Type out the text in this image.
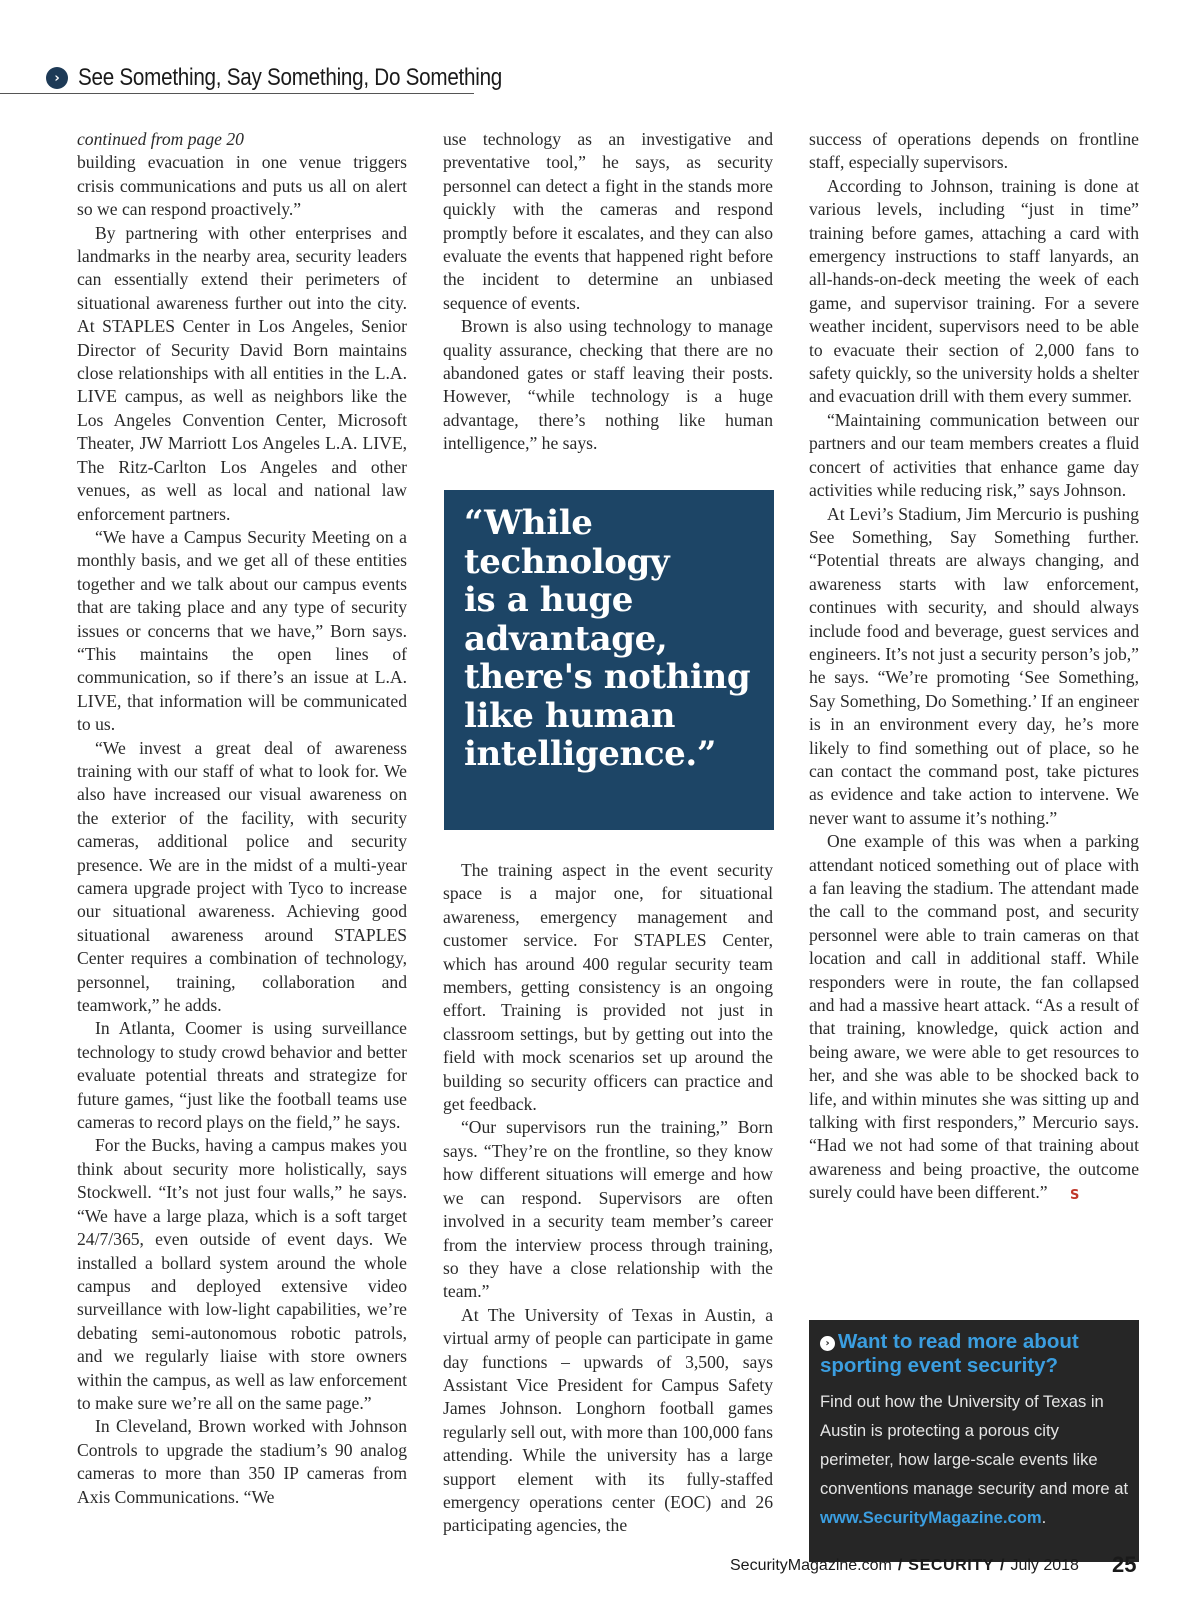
› See Something, Say Something, Do Something

continued from page 20

building evacuation in one venue triggers crisis communications and puts us all on alert so we can respond proactively.”

By partnering with other enterprises and landmarks in the nearby area, security leaders can essentially extend their perimeters of situational awareness further out into the city. At STAPLES Center in Los Angeles, Senior Director of Security David Born maintains close relationships with all entities in the L.A. LIVE campus, as well as neighbors like the Los Angeles Convention Center, Microsoft Theater, JW Marriott Los Angeles L.A. LIVE, The Ritz-Carlton Los Angeles and other venues, as well as local and national law enforcement partners.

“We have a Campus Security Meeting on a monthly basis, and we get all of these entities together and we talk about our campus events that are taking place and any type of security issues or concerns that we have,” Born says. “This maintains the open lines of communication, so if there’s an issue at L.A. LIVE, that information will be communicated to us.

“We invest a great deal of awareness training with our staff of what to look for. We also have increased our visual awareness on the exterior of the facility, with security cameras, additional police and security presence. We are in the midst of a multi-year camera upgrade project with Tyco to increase our situational awareness. Achieving good situational awareness around STAPLES Center requires a combination of technology, personnel, training, collaboration and teamwork,” he adds.

In Atlanta, Coomer is using surveillance technology to study crowd behavior and better evaluate potential threats and strategize for future games, “just like the football teams use cameras to record plays on the field,” he says.

For the Bucks, having a campus makes you think about security more holistically, says Stockwell. “It’s not just four walls,” he says. “We have a large plaza, which is a soft target 24/7/365, even outside of event days. We installed a bollard system around the whole campus and deployed extensive video surveillance with low-light capabilities, we’re debating semi-autonomous robotic patrols, and we regularly liaise with store owners within the campus, as well as law enforcement to make sure we’re all on the same page.”

In Cleveland, Brown worked with Johnson Controls to upgrade the stadium’s 90 analog cameras to more than 350 IP cameras from Axis Communications. “We

use technology as an investigative and preventative tool,” he says, as security personnel can detect a fight in the stands more quickly with the cameras and respond promptly before it escalates, and they can also evaluate the events that happened right before the incident to determine an unbiased sequence of events.

Brown is also using technology to manage quality assurance, checking that there are no abandoned gates or staff leaving their posts. However, “while technology is a huge advantage, there’s nothing like human intelligence,” he says.

“While
technology
is a huge
advantage,
there's nothing
like human
intelligence.”

The training aspect in the event security space is a major one, for situational awareness, emergency management and customer service. For STAPLES Center, which has around 400 regular security team members, getting consistency is an ongoing effort. Training is provided not just in classroom settings, but by getting out into the field with mock scenarios set up around the building so security officers can practice and get feedback.

“Our supervisors run the training,” Born says. “They’re on the frontline, so they know how different situations will emerge and how we can respond. Supervisors are often involved in a security team member’s career from the interview process through training, so they have a close relationship with the team.”

At The University of Texas in Austin, a virtual army of people can participate in game day functions – upwards of 3,500, says Assistant Vice President for Campus Safety James Johnson. Longhorn football games regularly sell out, with more than 100,000 fans attending. While the university has a large support element with its fully-staffed emergency operations center (EOC) and 26 participating agencies, the

success of operations depends on frontline staff, especially supervisors.

According to Johnson, training is done at various levels, including “just in time” training before games, attaching a card with emergency instructions to staff lanyards, an all-hands-on-deck meeting the week of each game, and supervisor training. For a severe weather incident, supervisors need to be able to evacuate their section of 2,000 fans to safety quickly, so the university holds a shelter and evacuation drill with them every summer.

“Maintaining communication between our partners and our team members creates a fluid concert of activities that enhance game day activities while reducing risk,” says Johnson.

At Levi’s Stadium, Jim Mercurio is pushing See Something, Say Something further. “Potential threats are always changing, and awareness starts with law enforcement, continues with security, and should always include food and beverage, guest services and engineers. It’s not just a security person’s job,” he says. “We’re promoting ‘See Something, Say Something, Do Something.’ If an engineer is in an environment every day, he’s more likely to find something out of place, so he can contact the command post, take pictures as evidence and take action to intervene. We never want to assume it’s nothing.”

One example of this was when a parking attendant noticed something out of place with a fan leaving the stadium. The attendant made the call to the command post, and security personnel were able to train cameras on that location and call in additional staff. While responders were in route, the fan collapsed and had a massive heart attack. “As a result of that training, knowledge, quick action and being aware, we were able to get resources to her, and she was able to be shocked back to life, and within minutes she was sitting up and talking with first responders,” Mercurio says. “Had we not had some of that training about awareness and being proactive, the outcome surely could have been different.” S

› Want to read more about sporting event security?
Find out how the University of Texas in Austin is protecting a porous city perimeter, how large-scale events like conventions manage security and more at www.SecurityMagazine.com.
SecurityMagazine.com / SECURITY / July 2018 25
